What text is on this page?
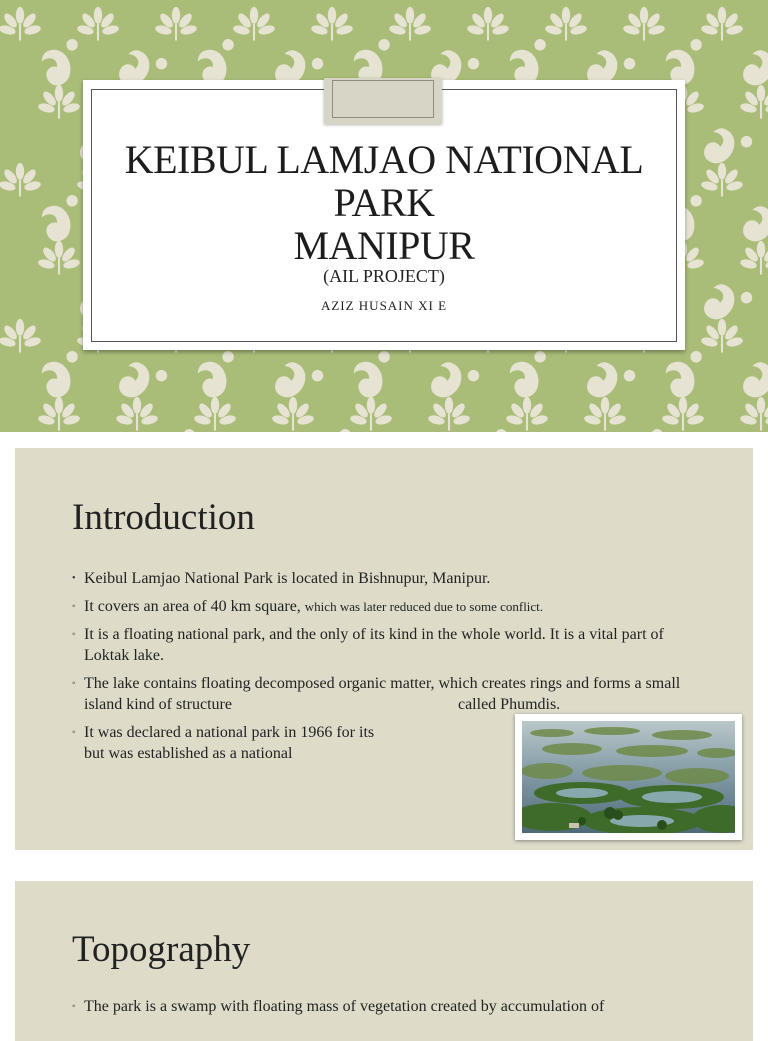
KEIBUL LAMJAO NATIONAL
PARK
MANIPUR
(AIL PROJECT)
AZIZ HUSAIN XI E
Introduction
• Keibul Lamjao National Park is located in Bishnupur, Manipur.
◦ It covers an area of 40 km square, which was later reduced due to some conflict.
◦ It is a floating national park, and the only of its kind in the whole world. It is a vital part of Loktak lake.
◦ The lake contains floating decomposed organic matter, which creates rings and forms a small island kind of structure	called Phumdis.
◦ It was declared a national park in 1966 for its
but was established as a national
Topography
◦ The park is a swamp with floating mass of vegetation created by accumulation of
